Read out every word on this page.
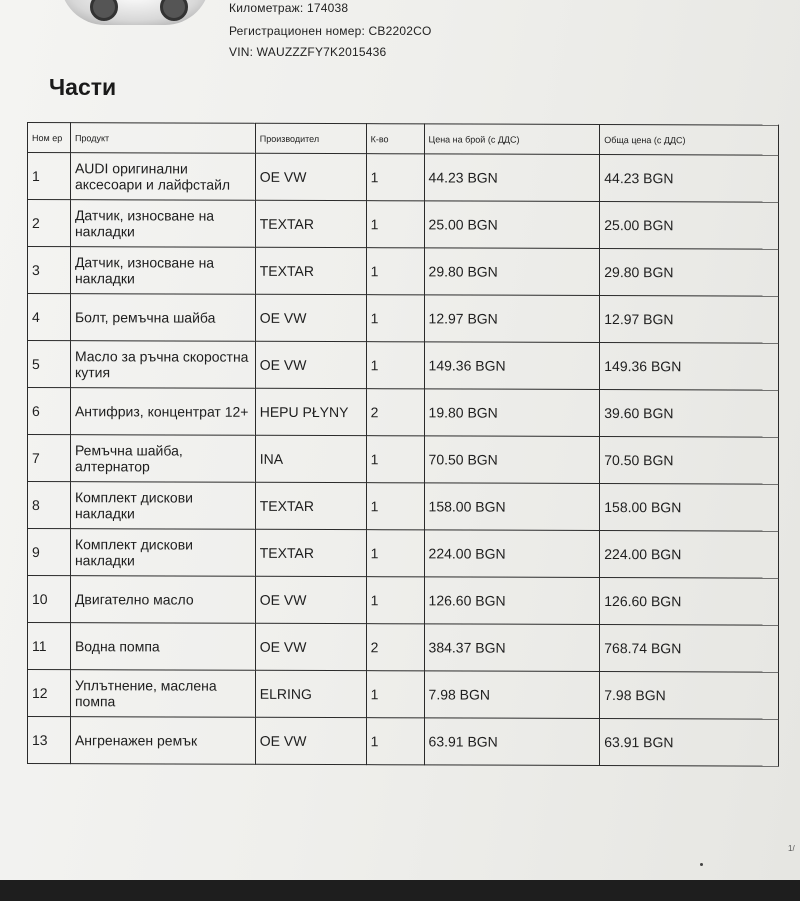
Километраж: 174038
Регистрационен номер: CB2202CO
VIN: WAUZZZFY7K2015436
Части
Ном ер	Продукт	Производител	К-во	Цена на брой (с ДДС)	Обща цена (с ДДС)
1	AUDI оригинални аксесоари и лайфстайл	OE VW	1	44.23 BGN	44.23 BGN
2	Датчик, износване на накладки	TEXTAR	1	25.00 BGN	25.00 BGN
3	Датчик, износване на накладки	TEXTAR	1	29.80 BGN	29.80 BGN
4	Болт, ремъчна шайба	OE VW	1	12.97 BGN	12.97 BGN
5	Масло за ръчна скоростна кутия	OE VW	1	149.36 BGN	149.36 BGN
6	Антифриз, концентрат 12+	HEPU PŁYNY	2	19.80 BGN	39.60 BGN
7	Ремъчна шайба, алтернатор	INA	1	70.50 BGN	70.50 BGN
8	Комплект дискови накладки	TEXTAR	1	158.00 BGN	158.00 BGN
9	Комплект дискови накладки	TEXTAR	1	224.00 BGN	224.00 BGN
10	Двигателно масло	OE VW	1	126.60 BGN	126.60 BGN
11	Водна помпа	OE VW	2	384.37 BGN	768.74 BGN
12	Уплътнение, маслена помпа	ELRING	1	7.98 BGN	7.98 BGN
13	Ангренажен ремък	OE VW	1	63.91 BGN	63.91 BGN
1/
